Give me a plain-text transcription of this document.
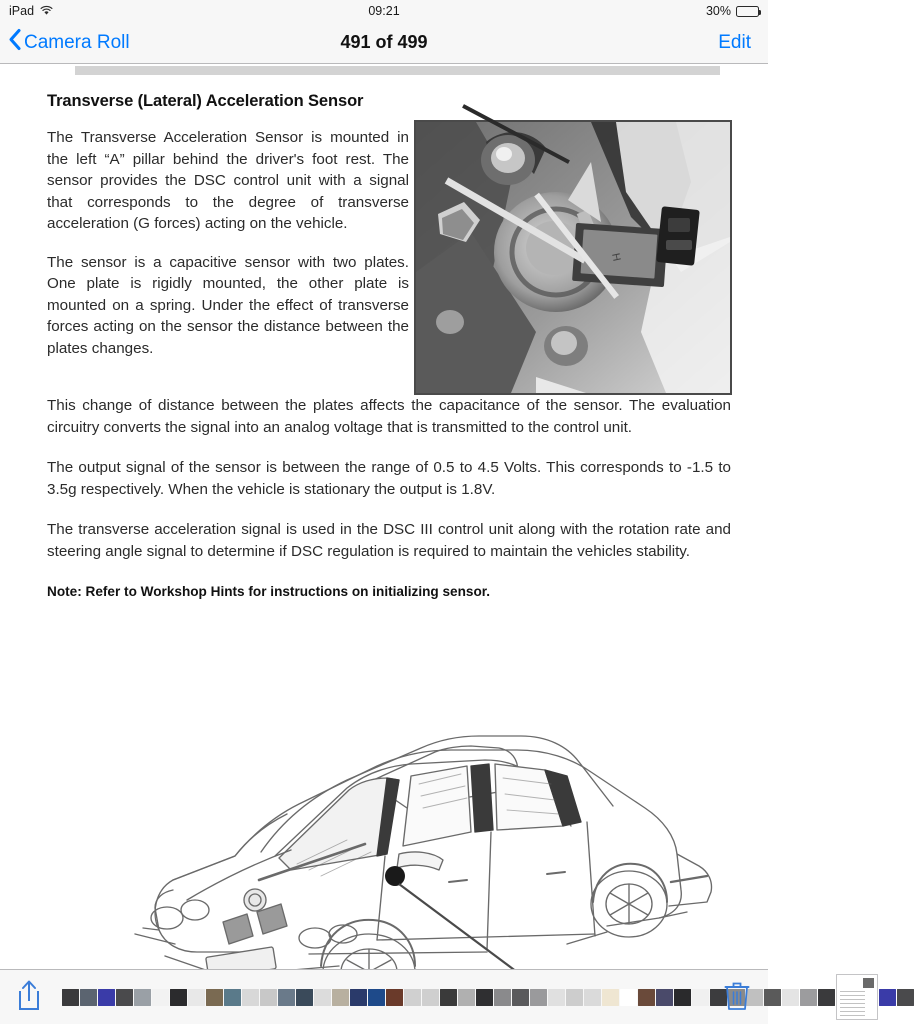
iPad	09:21	30%
Camera Roll	491 of 499	Edit
Transverse (Lateral) Acceleration Sensor
H

The Transverse Acceleration Sensor is mounted in the left “A” pillar behind the driver's foot rest. The sensor provides the DSC control unit with a signal that corresponds to the degree of transverse acceleration (G forces) acting on the vehicle.

The sensor is a capacitive sensor with two plates. One plate is rigidly mounted, the other plate is mounted on a spring. Under the effect of transverse forces acting on the sensor the distance between the plates changes.

This change of distance between the plates affects the capacitance of the sensor. The evaluation circuitry converts the signal into an analog voltage that is transmitted to the control unit.

The output signal of the sensor is between the range of 0.5 to 4.5 Volts. This corresponds to -1.5 to 3.5g respectively. When the vehicle is stationary the output is 1.8V.

The transverse acceleration signal is used in the DSC III control unit along with the rotation rate and steering angle signal to determine if DSC regulation is required to maintain the vehicles stability.

Note: Refer to Workshop Hints for instructions on initializing sensor.
